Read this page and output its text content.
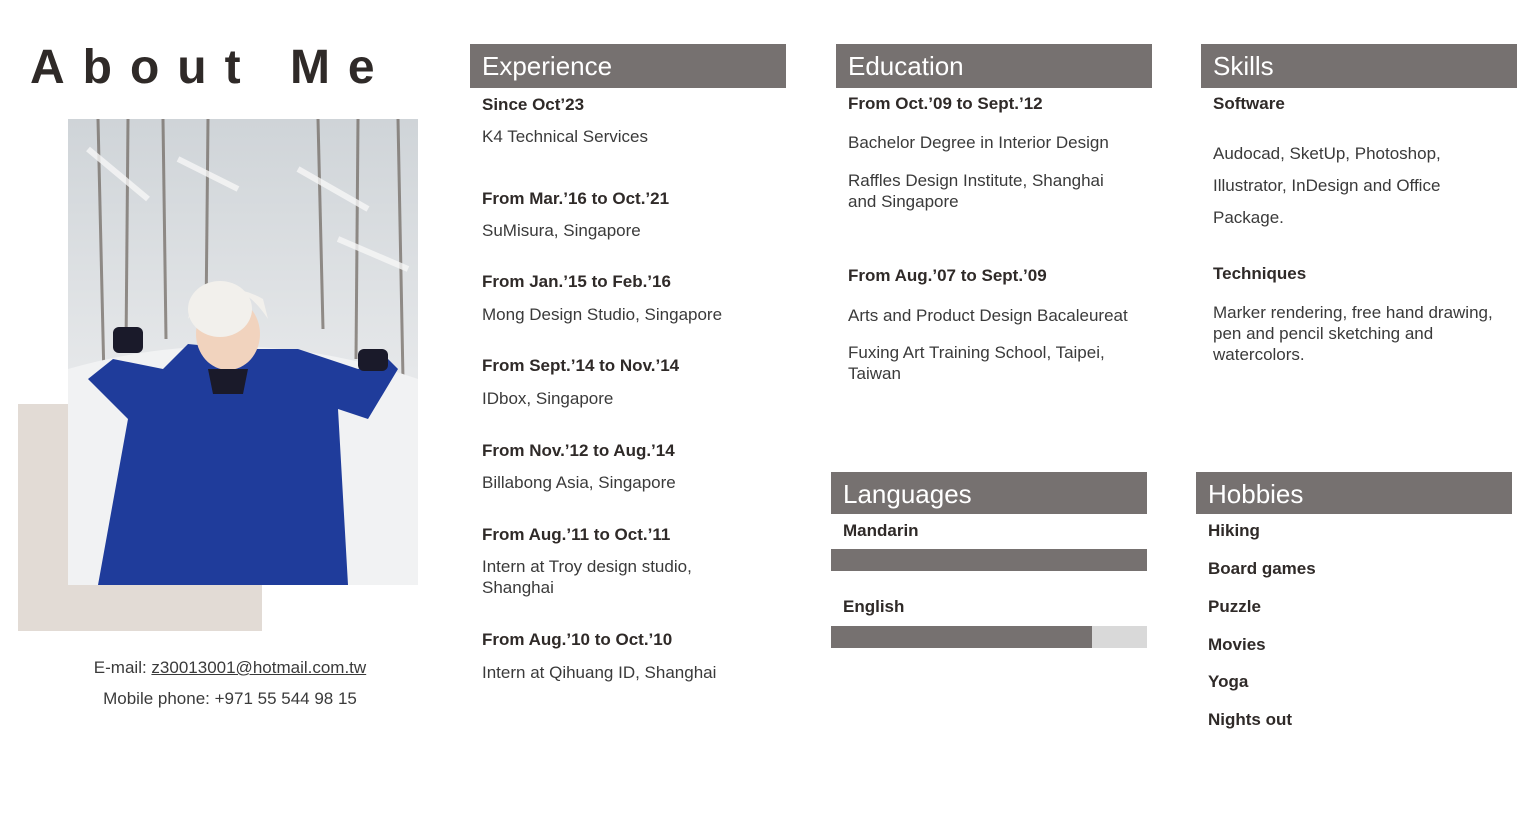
About Me
E-mail: z30013001@hotmail.com.tw
Mobile phone: +971 55 544 98 15
Experience
Since Oct’23
K4 Technical Services
From Mar.’16 to Oct.’21
SuMisura, Singapore
From Jan.’15 to Feb.’16
Mong Design Studio, Singapore
From Sept.’14 to Nov.’14
IDbox, Singapore
From Nov.’12 to Aug.’14
Billabong Asia, Singapore
From Aug.’11 to Oct.’11
Intern at Troy design studio, Shanghai
From Aug.’10 to Oct.’10
Intern at Qihuang ID, Shanghai
Education
From Oct.’09 to Sept.’12
Bachelor Degree in Interior Design
Raffles Design Institute, Shanghai and Singapore
From Aug.’07 to Sept.’09
Arts and Product Design Bacaleureat
Fuxing Art Training School, Taipei, Taiwan
Skills
Software
Audocad, SketUp, Photoshop, Illustrator, InDesign and Office Package.
Techniques
Marker rendering, free hand drawing, pen and pencil sketching and watercolors.
Languages
Mandarin
English
Hobbies
Hiking
Board games
Puzzle
Movies
Yoga
Nights out
